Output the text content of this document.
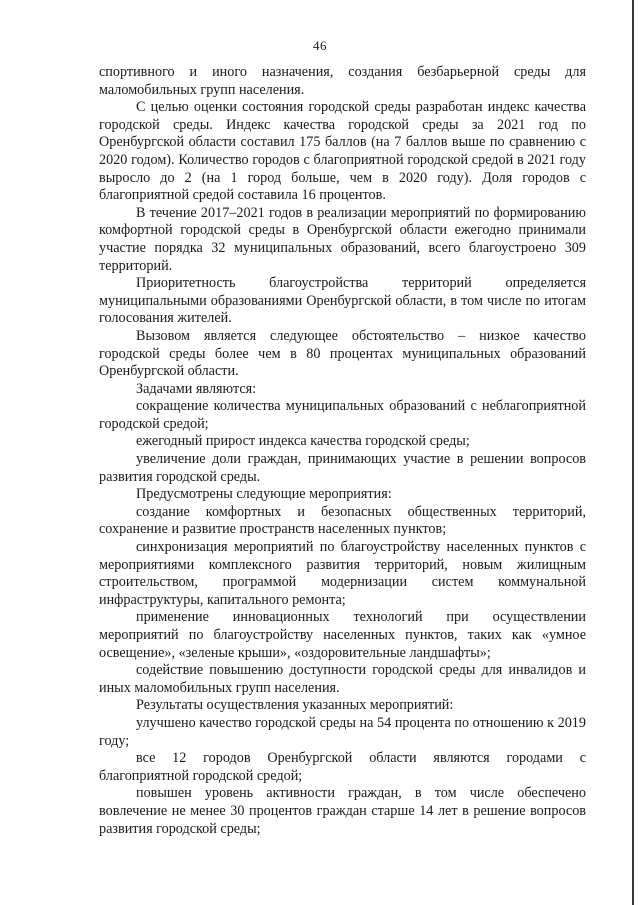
46

спортивного и иного назначения, создания безбарьерной среды для маломобильных групп населения.

С целью оценки состояния городской среды разработан индекс качества городской среды. Индекс качества городской среды за 2021 год по Оренбургской области составил 175 баллов (на 7 баллов выше по сравнению с 2020 годом). Количество городов с благоприятной городской средой в 2021 году выросло до 2 (на 1 город больше, чем в 2020 году). Доля городов с благоприятной средой составила 16 процентов.

В течение 2017–2021 годов в реализации мероприятий по формированию комфортной городской среды в Оренбургской области ежегодно принимали участие порядка 32 муниципальных образований, всего благоустроено 309 территорий.

Приоритетность благоустройства территорий определяется муниципальными образованиями Оренбургской области, в том числе по итогам голосования жителей.

Вызовом является следующее обстоятельство – низкое качество городской среды более чем в 80 процентах муниципальных образований Оренбургской области.

Задачами являются:

сокращение количества муниципальных образований с неблагоприятной городской средой;

ежегодный прирост индекса качества городской среды;

увеличение доли граждан, принимающих участие в решении вопросов развития городской среды.

Предусмотрены следующие мероприятия:

создание комфортных и безопасных общественных территорий, сохранение и развитие пространств населенных пунктов;

синхронизация мероприятий по благоустройству населенных пунктов с мероприятиями комплексного развития территорий, новым жилищным строительством, программой модернизации систем коммунальной инфраструктуры, капитального ремонта;

применение инновационных технологий при осуществлении мероприятий по благоустройству населенных пунктов, таких как «умное освещение», «зеленые крыши», «оздоровительные ландшафты»;

содействие повышению доступности городской среды для инвалидов и иных маломобильных групп населения.

Результаты осуществления указанных мероприятий:

улучшено качество городской среды на 54 процента по отношению к 2019 году;

все 12 городов Оренбургской области являются городами с благоприятной городской средой;

повышен уровень активности граждан, в том числе обеспечено вовлечение не менее 30 процентов граждан старше 14 лет в решение вопросов развития городской среды;
